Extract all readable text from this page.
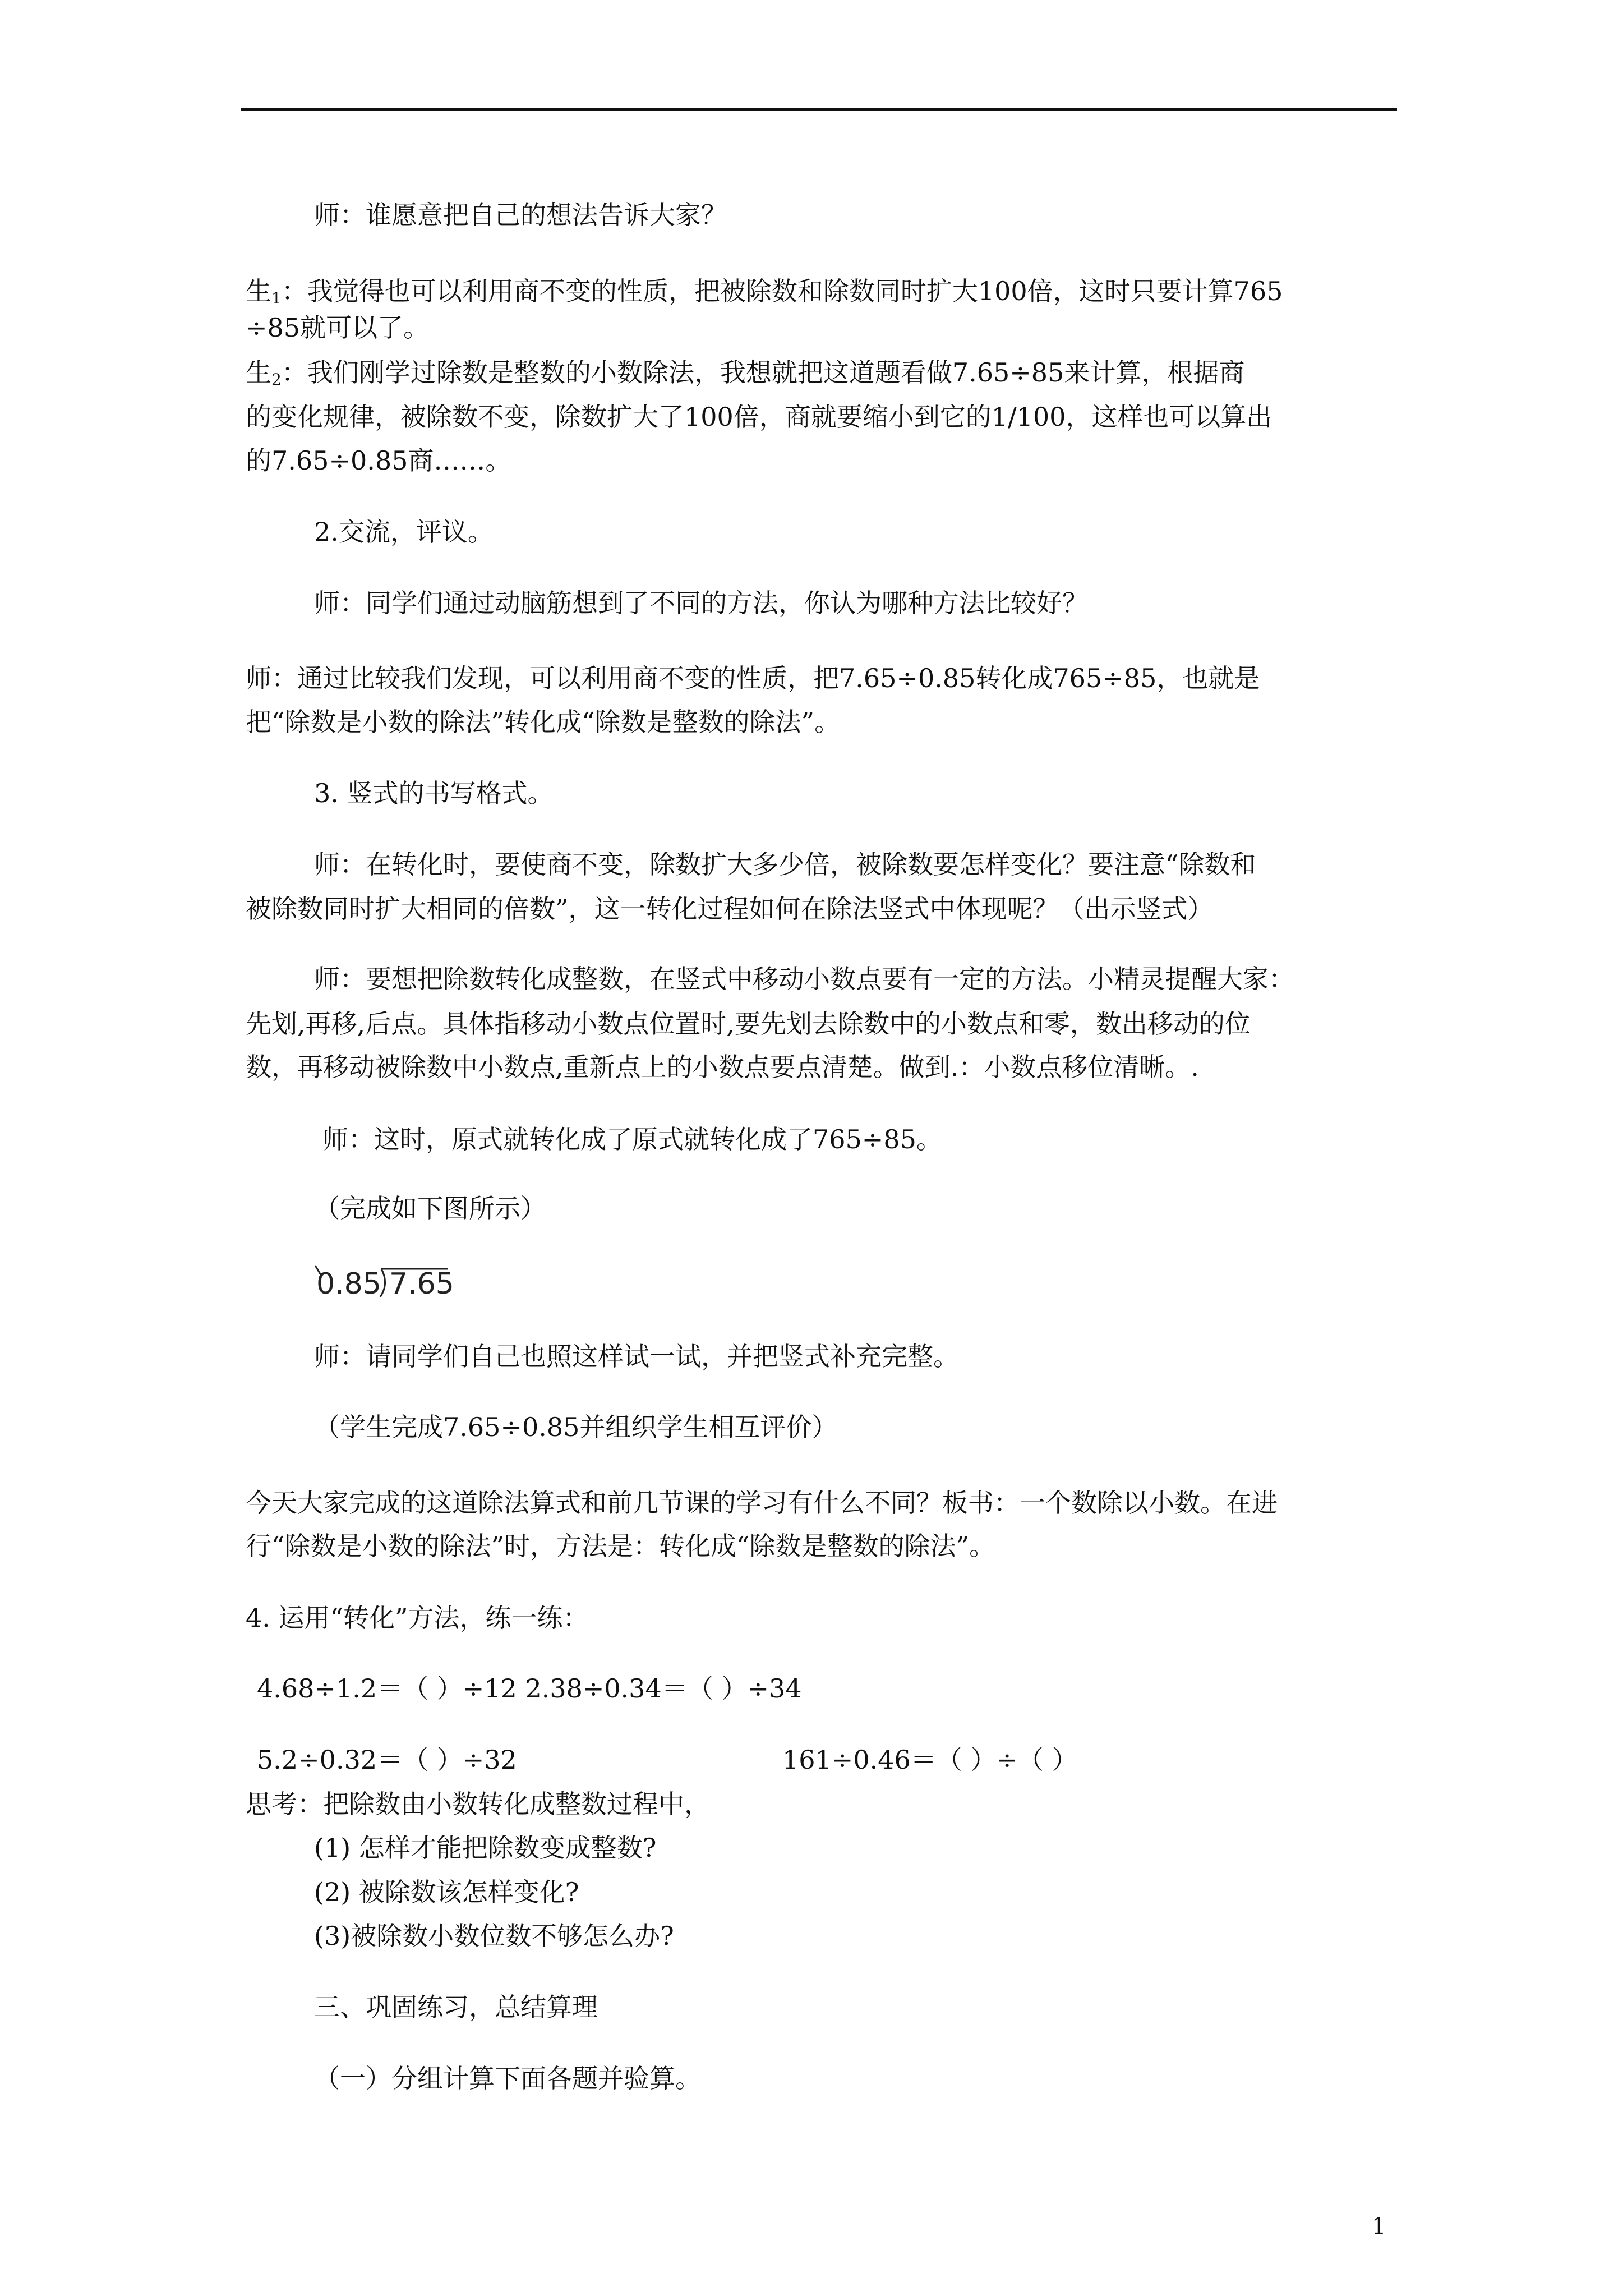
师：谁愿意把自己的想法告诉大家？
生$_1$：我觉得也可以利用商不变的性质，把被除数和除数同时扩大100倍，这时只要计算765
÷85就可以了。
生$_2$：我们刚学过除数是整数的小数除法，我想就把这道题看做7.65÷85来计算，根据商
的变化规律，被除数不变，除数扩大了100倍，商就要缩小到它的1/100，这样也可以算出
的7.65÷0.85商……。
2.交流，评议。
师：同学们通过动脑筋想到了不同的方法，你认为哪种方法比较好？
师：通过比较我们发现，可以利用商不变的性质，把7.65÷0.85转化成765÷85，也就是
把“除数是小数的除法”转化成“除数是整数的除法”。
3. 竖式的书写格式。
师：在转化时，要使商不变，除数扩大多少倍，被除数要怎样变化？要注意“除数和
被除数同时扩大相同的倍数”，这一转化过程如何在除法竖式中体现呢？（出示竖式）
师：要想把除数转化成整数，在竖式中移动小数点要有一定的方法。小精灵提醒大家：
先划,再移,后点。具体指移动小数点位置时,要先划去除数中的小数点和零，数出移动的位
数，再移动被除数中小数点,重新点上的小数点要点清楚。做到.：小数点移位清晰。.
师：这时，原式就转化成了原式就转化成了765÷85。
（完成如下图所示）
0.85 7.65
师：请同学们自己也照这样试一试，并把竖式补充完整。
（学生完成7.65÷0.85并组织学生相互评价）
今天大家完成的这道除法算式和前几节课的学习有什么不同？板书：一个数除以小数。在进
行“除数是小数的除法”时，方法是：转化成“除数是整数的除法”。
4. 运用“转化”方法，练一练：
4.68÷1.2＝（ ）÷12 2.38÷0.34＝（ ）÷34
5.2÷0.32＝（ ）÷32	161÷0.46＝（ ）÷（ ）
思考：把除数由小数转化成整数过程中，
(1) 怎样才能把除数变成整数?
(2) 被除数该怎样变化?
(3)被除数小数位数不够怎么办?
三、巩固练习，总结算理
（一）分组计算下面各题并验算。
1
